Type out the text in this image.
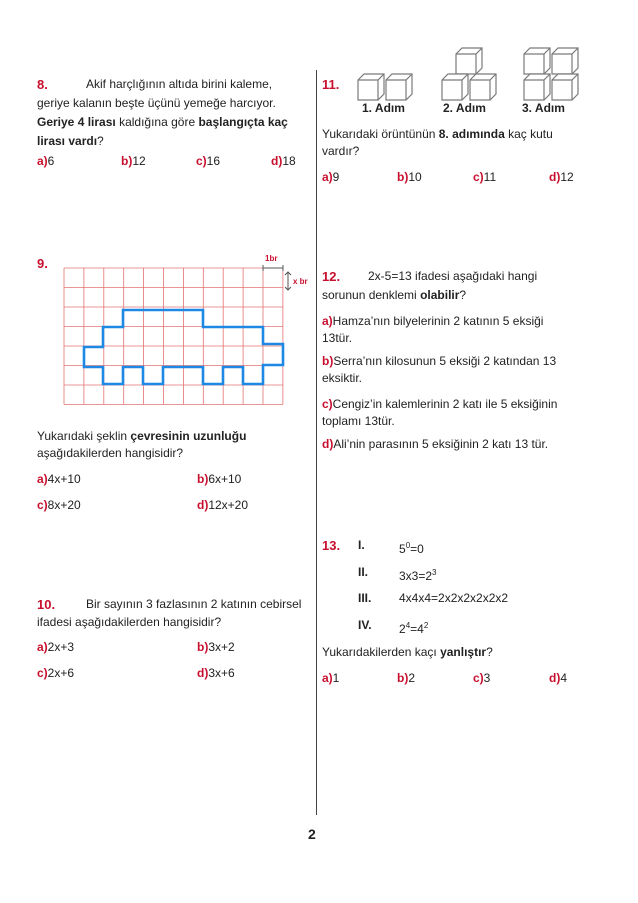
8.	Akif harçlığının altıda birini kaleme,
geriye kalanın beşte üçünü yemeğe harcıyor.
Geriye 4 lirası kaldığına göre başlangıçta kaç
lirası vardı?
a)6	b)12	c)16	d)18
9.	1br
x br
Yukarıdaki şeklin çevresinin uzunluğu
aşağıdakilerden hangisidir?
a)4x+10	b)6x+10
c)8x+20	d)12x+20
10.	Bir sayının 3 fazlasının 2 katının cebirsel
ifadesi aşağıdakilerden hangisidir?
a)2x+3	b)3x+2
c)2x+6	d)3x+6
11.
1. Adım	2. Adım	3. Adım
Yukarıdaki örüntünün 8. adımında kaç kutu
vardır?
a)9	b)10	c)11	d)12
12. 2x-5=13 ifadesi aşağıdaki hangi
sorunun denklemi olabilir?
a)Hamza’nın bilyelerinin 2 katının 5 eksiği
13tür.
b)Serra’nın kilosunun 5 eksiği 2 katından 13
eksiktir.
c)Cengiz’in kalemlerinin 2 katı ile 5 eksiğinin
toplamı 13tür.
d)Ali’nin parasının 5 eksiğinin 2 katı 13 tür.
13. I.	$5^0=0$
II.	$3x3=2^3$
III. 4x4x4=2x2x2x2x2x2
IV. $2^4=4^2$
Yukarıdakilerden kaçı yanlıştır?
a)1	b)2	c)3	d)4
2
